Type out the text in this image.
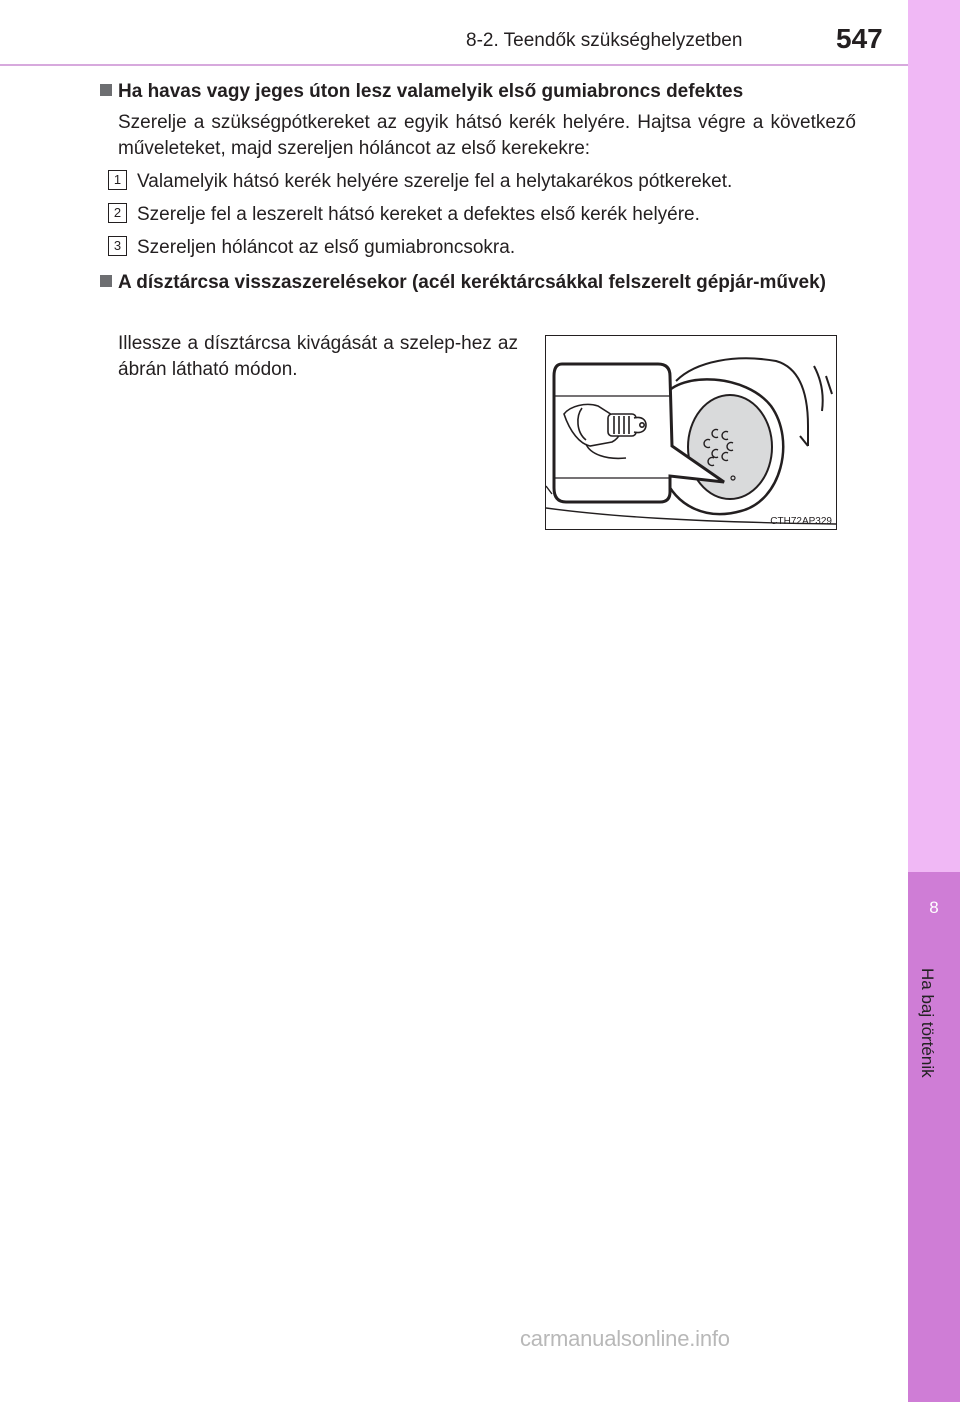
8-2. Teendők szükséghelyzetben	547
8
Ha baj történik
Ha havas vagy jeges úton lesz valamelyik első gumiabroncs defektes
Szerelje a szükségpótkereket az egyik hátsó kerék helyére. Hajtsa végre a következő műveleteket, majd szereljen hóláncot az első kerekekre:
1 Valamelyik hátsó kerék helyére szerelje fel a helytakarékos pótkereket.
2 Szerelje fel a leszerelt hátsó kereket a defektes első kerék helyére.
3 Szereljen hóláncot az első gumiabroncsokra.
A dísztárcsa visszaszerelésekor (acél keréktárcsákkal felszerelt gépjár-művek)
Illessze a dísztárcsa kivágását a szelep-hez az ábrán látható módon.
CTH72AP329
carmanualsonline.info
